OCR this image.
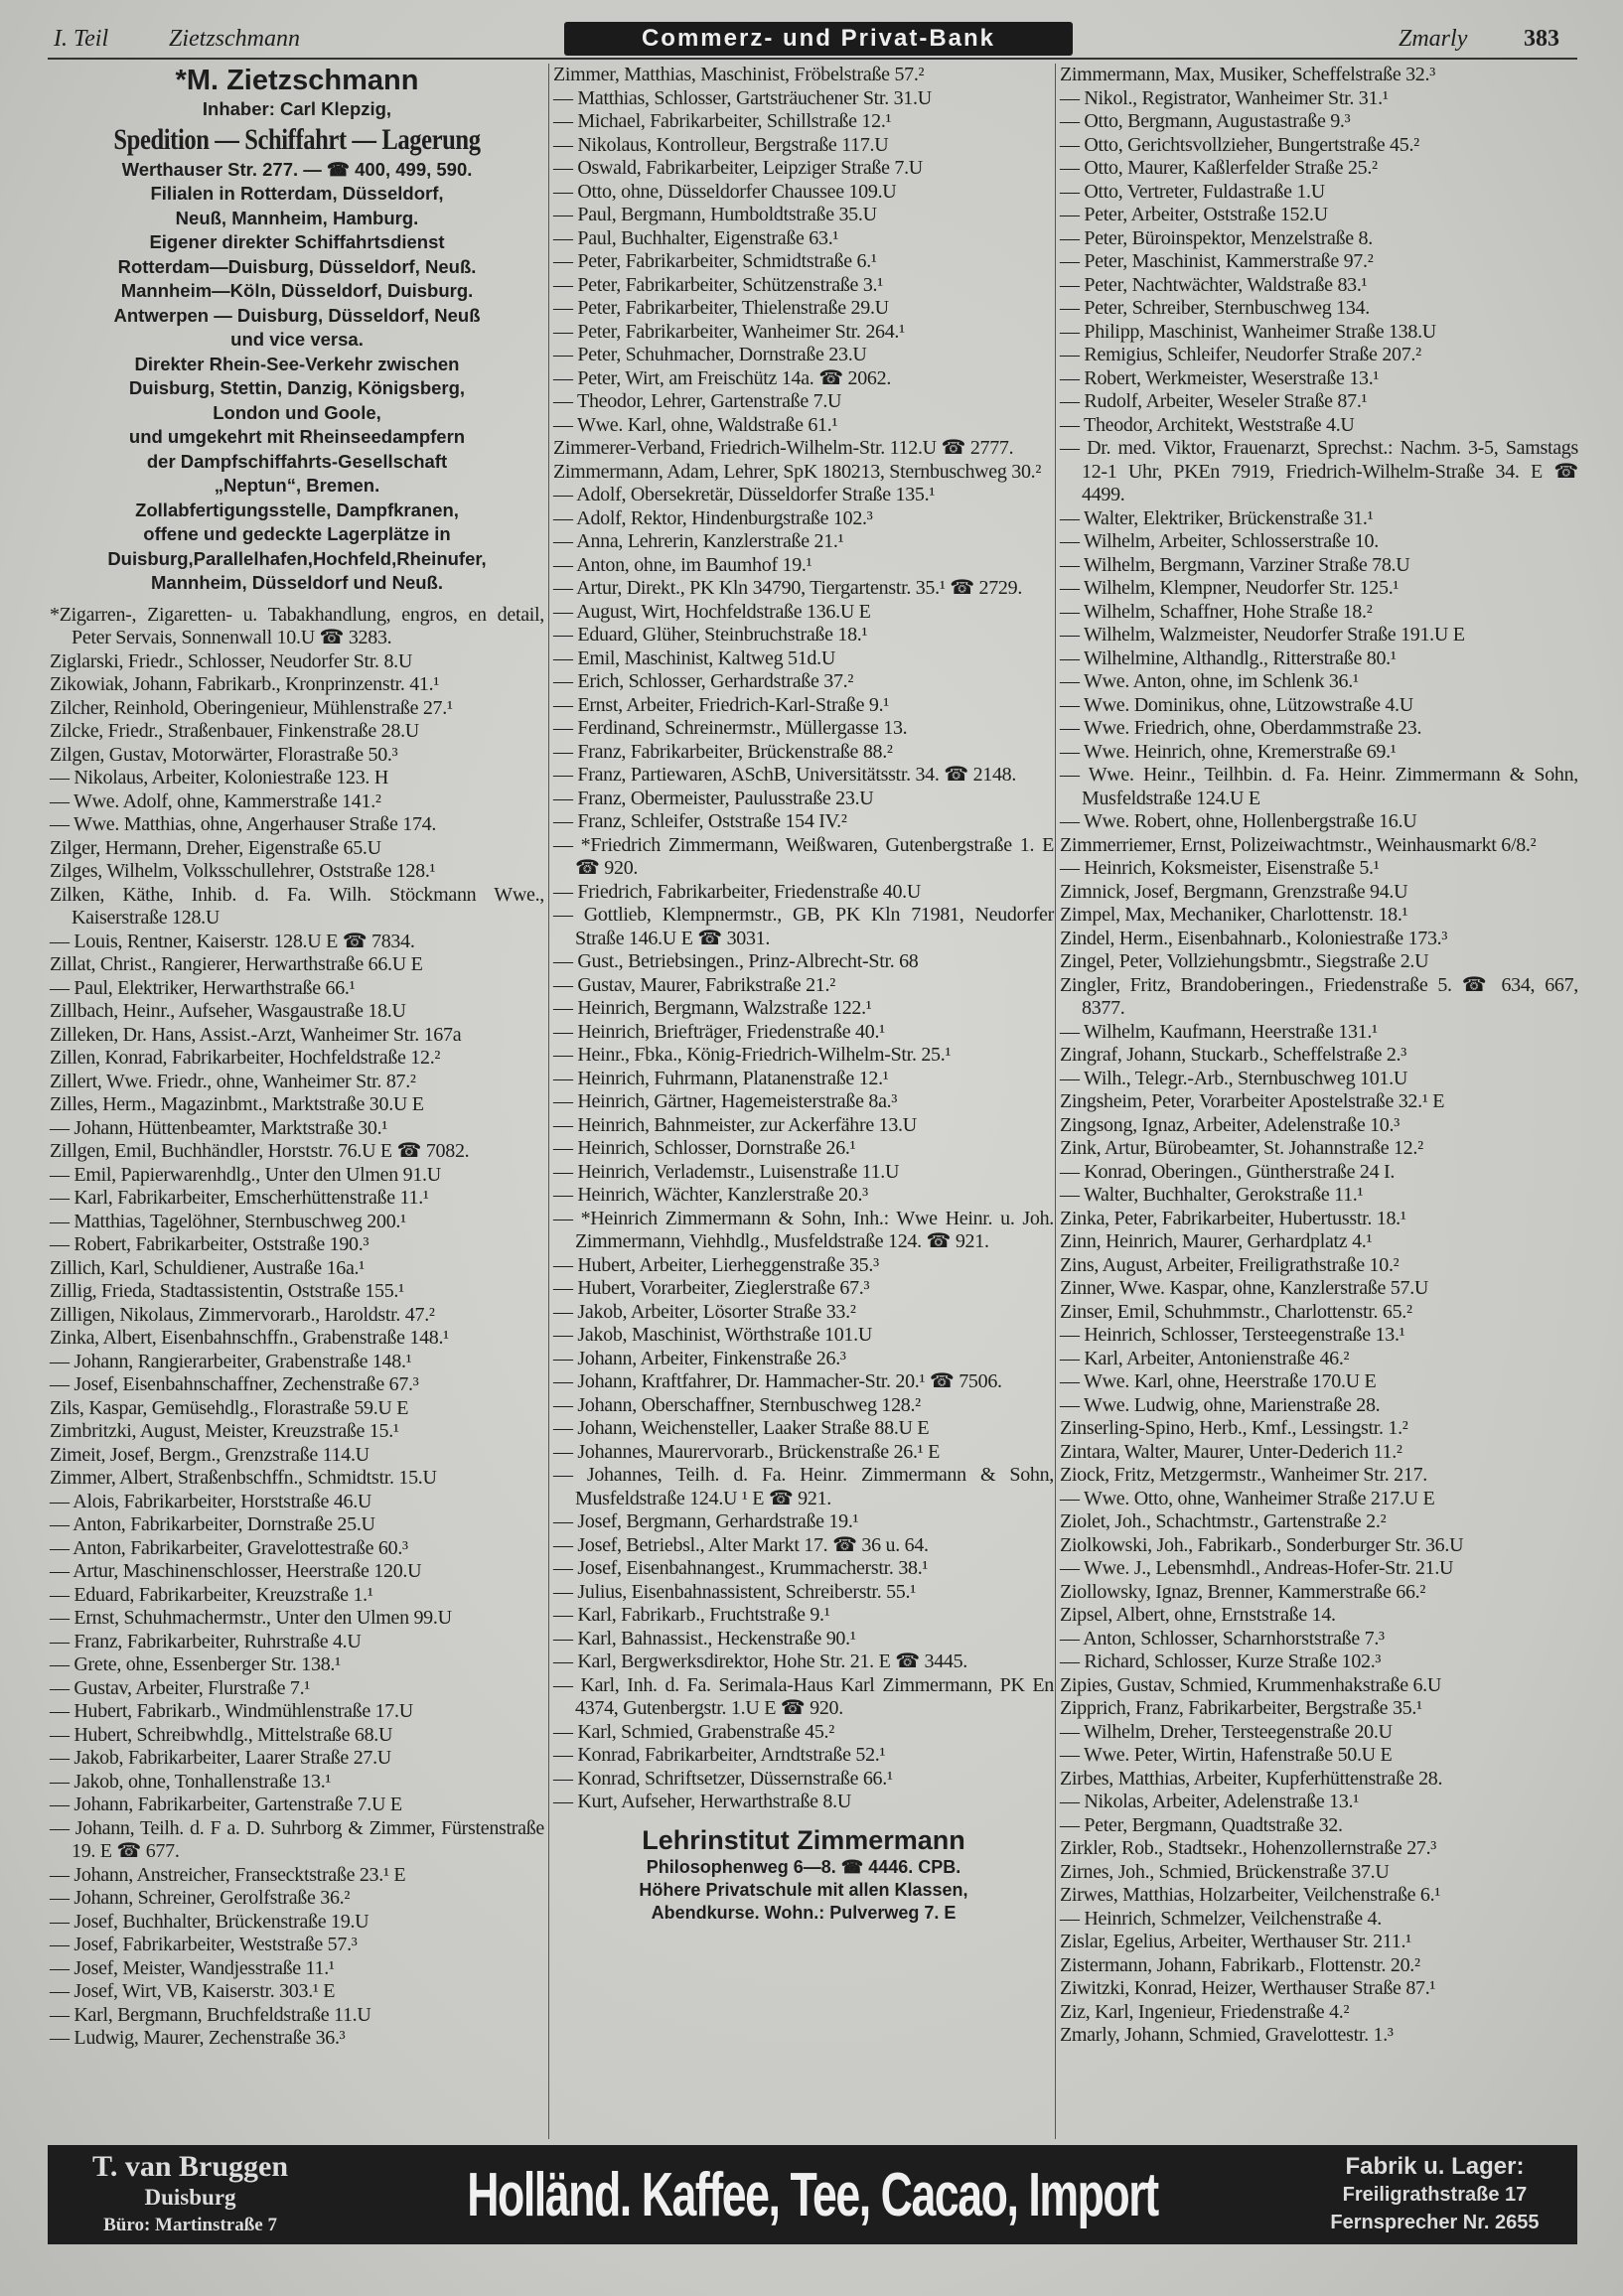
I. Teil	Zietzschmann	Commerz- und Privat-Bank	Zmarly 383
*M. Zietzschmann
Inhaber: Carl Klepzig,
Spedition — Schiffahrt — Lagerung
Werthauser Str. 277. — ☎ 400, 499, 590.
Filialen in Rotterdam, Düsseldorf,
Neuß, Mannheim, Hamburg.
Eigener direkter Schiffahrtsdienst
Rotterdam—Duisburg, Düsseldorf, Neuß.
Mannheim—Köln, Düsseldorf, Duisburg.
Antwerpen — Duisburg, Düsseldorf, Neuß
und vice versa.
Direkter Rhein-See-Verkehr zwischen
Duisburg, Stettin, Danzig, Königsberg,
London und Goole,
und umgekehrt mit Rheinseedampfern
der Dampfschiffahrts-Gesellschaft
„Neptun“, Bremen.
Zollabfertigungsstelle, Dampfkranen,
offene und gedeckte Lagerplätze in
Duisburg,Parallelhafen,Hochfeld,Rheinufer,
Mannheim, Düsseldorf und Neuß.
*Zigarren-, Zigaretten- u. Tabakhandlung, engros, en detail, Peter Servais, Sonnenwall 10.U ☎ 3283.
Ziglarski, Friedr., Schlosser, Neudorfer Str. 8.U
Zikowiak, Johann, Fabrikarb., Kronprinzenstr. 41.¹
Zilcher, Reinhold, Oberingenieur, Mühlenstraße 27.¹
Zilcke, Friedr., Straßenbauer, Finkenstraße 28.U
Zilgen, Gustav, Motorwärter, Florastraße 50.³
— Nikolaus, Arbeiter, Koloniestraße 123. H
— Wwe. Adolf, ohne, Kammerstraße 141.²
— Wwe. Matthias, ohne, Angerhauser Straße 174.
Zilger, Hermann, Dreher, Eigenstraße 65.U
Zilges, Wilhelm, Volksschullehrer, Oststraße 128.¹
Zilken, Käthe, Inhib. d. Fa. Wilh. Stöckmann Wwe., Kaiserstraße 128.U
— Louis, Rentner, Kaiserstr. 128.U E ☎ 7834.
Zillat, Christ., Rangierer, Herwarthstraße 66.U E
— Paul, Elektriker, Herwarthstraße 66.¹
Zillbach, Heinr., Aufseher, Wasgaustraße 18.U
Zilleken, Dr. Hans, Assist.-Arzt, Wanheimer Str. 167a
Zillen, Konrad, Fabrikarbeiter, Hochfeldstraße 12.²
Zillert, Wwe. Friedr., ohne, Wanheimer Str. 87.²
Zilles, Herm., Magazinbmt., Marktstraße 30.U E
— Johann, Hüttenbeamter, Marktstraße 30.¹
Zillgen, Emil, Buchhändler, Horststr. 76.U E ☎ 7082.
— Emil, Papierwarenhdlg., Unter den Ulmen 91.U
— Karl, Fabrikarbeiter, Emscherhüttenstraße 11.¹
— Matthias, Tagelöhner, Sternbuschweg 200.¹
— Robert, Fabrikarbeiter, Oststraße 190.³
Zillich, Karl, Schuldiener, Austraße 16a.¹
Zillig, Frieda, Stadtassistentin, Oststraße 155.¹
Zilligen, Nikolaus, Zimmervorarb., Haroldstr. 47.²
Zinka, Albert, Eisenbahnschffn., Grabenstraße 148.¹
— Johann, Rangierarbeiter, Grabenstraße 148.¹
— Josef, Eisenbahnschaffner, Zechenstraße 67.³
Zils, Kaspar, Gemüsehdlg., Florastraße 59.U E
Zimbritzki, August, Meister, Kreuzstraße 15.¹
Zimeit, Josef, Bergm., Grenzstraße 114.U
Zimmer, Albert, Straßenbschffn., Schmidtstr. 15.U
— Alois, Fabrikarbeiter, Horststraße 46.U
— Anton, Fabrikarbeiter, Dornstraße 25.U
— Anton, Fabrikarbeiter, Gravelottestraße 60.³
— Artur, Maschinenschlosser, Heerstraße 120.U
— Eduard, Fabrikarbeiter, Kreuzstraße 1.¹
— Ernst, Schuhmachermstr., Unter den Ulmen 99.U
— Franz, Fabrikarbeiter, Ruhrstraße 4.U
— Grete, ohne, Essenberger Str. 138.¹
— Gustav, Arbeiter, Flurstraße 7.¹
— Hubert, Fabrikarb., Windmühlenstraße 17.U
— Hubert, Schreibwhdlg., Mittelstraße 68.U
— Jakob, Fabrikarbeiter, Laarer Straße 27.U
— Jakob, ohne, Tonhallenstraße 13.¹
— Johann, Fabrikarbeiter, Gartenstraße 7.U E
— Johann, Teilh. d. F a. D. Suhrborg & Zimmer, Fürstenstraße 19. E ☎ 677.
— Johann, Anstreicher, Fransecktstraße 23.¹ E
— Johann, Schreiner, Gerolfstraße 36.²
— Josef, Buchhalter, Brückenstraße 19.U
— Josef, Fabrikarbeiter, Weststraße 57.³
— Josef, Meister, Wandjesstraße 11.¹
— Josef, Wirt, VB, Kaiserstr. 303.¹ E
— Karl, Bergmann, Bruchfeldstraße 11.U
— Ludwig, Maurer, Zechenstraße 36.³
Zimmer, Matthias, Maschinist, Fröbelstraße 57.²
— Matthias, Schlosser, Gartsträuchener Str. 31.U
— Michael, Fabrikarbeiter, Schillstraße 12.¹
— Nikolaus, Kontrolleur, Bergstraße 117.U
— Oswald, Fabrikarbeiter, Leipziger Straße 7.U
— Otto, ohne, Düsseldorfer Chaussee 109.U
— Paul, Bergmann, Humboldtstraße 35.U
— Paul, Buchhalter, Eigenstraße 63.¹
— Peter, Fabrikarbeiter, Schmidtstraße 6.¹
— Peter, Fabrikarbeiter, Schützenstraße 3.¹
— Peter, Fabrikarbeiter, Thielenstraße 29.U
— Peter, Fabrikarbeiter, Wanheimer Str. 264.¹
— Peter, Schuhmacher, Dornstraße 23.U
— Peter, Wirt, am Freischütz 14a. ☎ 2062.
— Theodor, Lehrer, Gartenstraße 7.U
— Wwe. Karl, ohne, Waldstraße 61.¹
Zimmerer-Verband, Friedrich-Wilhelm-Str. 112.U ☎ 2777.
Zimmermann, Adam, Lehrer, SpK 180213, Sternbuschweg 30.²
— Adolf, Obersekretär, Düsseldorfer Straße 135.¹
— Adolf, Rektor, Hindenburgstraße 102.³
— Anna, Lehrerin, Kanzlerstraße 21.¹
— Anton, ohne, im Baumhof 19.¹
— Artur, Direkt., PK Kln 34790, Tiergartenstr. 35.¹ ☎ 2729.
— August, Wirt, Hochfeldstraße 136.U E
— Eduard, Glüher, Steinbruchstraße 18.¹
— Emil, Maschinist, Kaltweg 51d.U
— Erich, Schlosser, Gerhardstraße 37.²
— Ernst, Arbeiter, Friedrich-Karl-Straße 9.¹
— Ferdinand, Schreinermstr., Müllergasse 13.
— Franz, Fabrikarbeiter, Brückenstraße 88.²
— Franz, Partiewaren, ASchB, Universitätsstr. 34. ☎ 2148.
— Franz, Obermeister, Paulusstraße 23.U
— Franz, Schleifer, Oststraße 154 IV.²
— *Friedrich Zimmermann, Weißwaren, Gutenbergstraße 1. E ☎ 920.
— Friedrich, Fabrikarbeiter, Friedenstraße 40.U
— Gottlieb, Klempnermstr., GB, PK Kln 71981, Neudorfer Straße 146.U E ☎ 3031.
— Gust., Betriebsingen., Prinz-Albrecht-Str. 68
— Gustav, Maurer, Fabrikstraße 21.²
— Heinrich, Bergmann, Walzstraße 122.¹
— Heinrich, Briefträger, Friedenstraße 40.¹
— Heinr., Fbka., König-Friedrich-Wilhelm-Str. 25.¹
— Heinrich, Fuhrmann, Platanenstraße 12.¹
— Heinrich, Gärtner, Hagemeisterstraße 8a.³
— Heinrich, Bahnmeister, zur Ackerfähre 13.U
— Heinrich, Schlosser, Dornstraße 26.¹
— Heinrich, Verlademstr., Luisenstraße 11.U
— Heinrich, Wächter, Kanzlerstraße 20.³
— *Heinrich Zimmermann & Sohn, Inh.: Wwe Heinr. u. Joh. Zimmermann, Viehhdlg., Musfeldstraße 124. ☎ 921.
— Hubert, Arbeiter, Lierheggenstraße 35.³
— Hubert, Vorarbeiter, Zieglerstraße 67.³
— Jakob, Arbeiter, Lösorter Straße 33.²
— Jakob, Maschinist, Wörthstraße 101.U
— Johann, Arbeiter, Finkenstraße 26.³
— Johann, Kraftfahrer, Dr. Hammacher-Str. 20.¹ ☎ 7506.
— Johann, Oberschaffner, Sternbuschweg 128.²
— Johann, Weichensteller, Laaker Straße 88.U E
— Johannes, Maurervorarb., Brückenstraße 26.¹ E
— Johannes, Teilh. d. Fa. Heinr. Zimmermann & Sohn, Musfeldstraße 124.U ¹ E ☎ 921.
— Josef, Bergmann, Gerhardstraße 19.¹
— Josef, Betriebsl., Alter Markt 17. ☎ 36 u. 64.
— Josef, Eisenbahnangest., Krummacherstr. 38.¹
— Julius, Eisenbahnassistent, Schreiberstr. 55.¹
— Karl, Fabrikarb., Fruchtstraße 9.¹
— Karl, Bahnassist., Heckenstraße 90.¹
— Karl, Bergwerksdirektor, Hohe Str. 21. E ☎ 3445.
— Karl, Inh. d. Fa. Serimala-Haus Karl Zimmermann, PK En 4374, Gutenbergstr. 1.U E ☎ 920.
— Karl, Schmied, Grabenstraße 45.²
— Konrad, Fabrikarbeiter, Arndtstraße 52.¹
— Konrad, Schriftsetzer, Düssernstraße 66.¹
— Kurt, Aufseher, Herwarthstraße 8.U
Lehrinstitut Zimmermann
Philosophenweg 6—8. ☎ 4446. CPB.
Höhere Privatschule mit allen Klassen,
Abendkurse. Wohn.: Pulverweg 7. E
Zimmermann, Max, Musiker, Scheffelstraße 32.³
— Nikol., Registrator, Wanheimer Str. 31.¹
— Otto, Bergmann, Augustastraße 9.³
— Otto, Gerichtsvollzieher, Bungertstraße 45.²
— Otto, Maurer, Kaßlerfelder Straße 25.²
— Otto, Vertreter, Fuldastraße 1.U
— Peter, Arbeiter, Oststraße 152.U
— Peter, Büroinspektor, Menzelstraße 8.
— Peter, Maschinist, Kammerstraße 97.²
— Peter, Nachtwächter, Waldstraße 83.¹
— Peter, Schreiber, Sternbuschweg 134.
— Philipp, Maschinist, Wanheimer Straße 138.U
— Remigius, Schleifer, Neudorfer Straße 207.²
— Robert, Werkmeister, Weserstraße 13.¹
— Rudolf, Arbeiter, Weseler Straße 87.¹
— Theodor, Architekt, Weststraße 4.U
— Dr. med. Viktor, Frauenarzt, Sprechst.: Nachm. 3-5, Samstags 12-1 Uhr, PKEn 7919, Friedrich-Wilhelm-Straße 34. E ☎ 4499.
— Walter, Elektriker, Brückenstraße 31.¹
— Wilhelm, Arbeiter, Schlosserstraße 10.
— Wilhelm, Bergmann, Varziner Straße 78.U
— Wilhelm, Klempner, Neudorfer Str. 125.¹
— Wilhelm, Schaffner, Hohe Straße 18.²
— Wilhelm, Walzmeister, Neudorfer Straße 191.U E
— Wilhelmine, Althandlg., Ritterstraße 80.¹
— Wwe. Anton, ohne, im Schlenk 36.¹
— Wwe. Dominikus, ohne, Lützowstraße 4.U
— Wwe. Friedrich, ohne, Oberdammstraße 23.
— Wwe. Heinrich, ohne, Kremerstraße 69.¹
— Wwe. Heinr., Teilhbin. d. Fa. Heinr. Zimmermann & Sohn, Musfeldstraße 124.U E
— Wwe. Robert, ohne, Hollenbergstraße 16.U
Zimmerriemer, Ernst, Polizeiwachtmstr., Weinhausmarkt 6/8.²
— Heinrich, Koksmeister, Eisenstraße 5.¹
Zimnick, Josef, Bergmann, Grenzstraße 94.U
Zimpel, Max, Mechaniker, Charlottenstr. 18.¹
Zindel, Herm., Eisenbahnarb., Koloniestraße 173.³
Zingel, Peter, Vollziehungsbmtr., Siegstraße 2.U
Zingler, Fritz, Brandoberingen., Friedenstraße 5. ☎ 634, 667, 8377.
— Wilhelm, Kaufmann, Heerstraße 131.¹
Zingraf, Johann, Stuckarb., Scheffelstraße 2.³
— Wilh., Telegr.-Arb., Sternbuschweg 101.U
Zingsheim, Peter, Vorarbeiter Apostelstraße 32.¹ E
Zingsong, Ignaz, Arbeiter, Adelenstraße 10.³
Zink, Artur, Bürobeamter, St. Johannstraße 12.²
— Konrad, Oberingen., Güntherstraße 24 I.
— Walter, Buchhalter, Gerokstraße 11.¹
Zinka, Peter, Fabrikarbeiter, Hubertusstr. 18.¹
Zinn, Heinrich, Maurer, Gerhardplatz 4.¹
Zins, August, Arbeiter, Freiligrathstraße 10.²
Zinner, Wwe. Kaspar, ohne, Kanzlerstraße 57.U
Zinser, Emil, Schuhmmstr., Charlottenstr. 65.²
— Heinrich, Schlosser, Tersteegenstraße 13.¹
— Karl, Arbeiter, Antonienstraße 46.²
— Wwe. Karl, ohne, Heerstraße 170.U E
— Wwe. Ludwig, ohne, Marienstraße 28.
Zinserling-Spino, Herb., Kmf., Lessingstr. 1.²
Zintara, Walter, Maurer, Unter-Dederich 11.²
Ziock, Fritz, Metzgermstr., Wanheimer Str. 217.
— Wwe. Otto, ohne, Wanheimer Straße 217.U E
Ziolet, Joh., Schachtmstr., Gartenstraße 2.²
Ziolkowski, Joh., Fabrikarb., Sonderburger Str. 36.U
— Wwe. J., Lebensmhdl., Andreas-Hofer-Str. 21.U
Ziollowsky, Ignaz, Brenner, Kammerstraße 66.²
Zipsel, Albert, ohne, Ernststraße 14.
— Anton, Schlosser, Scharnhorststraße 7.³
— Richard, Schlosser, Kurze Straße 102.³
Zipies, Gustav, Schmied, Krummenhakstraße 6.U
Zipprich, Franz, Fabrikarbeiter, Bergstraße 35.¹
— Wilhelm, Dreher, Tersteegenstraße 20.U
— Wwe. Peter, Wirtin, Hafenstraße 50.U E
Zirbes, Matthias, Arbeiter, Kupferhüttenstraße 28.
— Nikolas, Arbeiter, Adelenstraße 13.¹
— Peter, Bergmann, Quadtstraße 32.
Zirkler, Rob., Stadtsekr., Hohenzollernstraße 27.³
Zirnes, Joh., Schmied, Brückenstraße 37.U
Zirwes, Matthias, Holzarbeiter, Veilchenstraße 6.¹
— Heinrich, Schmelzer, Veilchenstraße 4.
Zislar, Egelius, Arbeiter, Werthauser Str. 211.¹
Zistermann, Johann, Fabrikarb., Flottenstr. 20.²
Ziwitzki, Konrad, Heizer, Werthauser Straße 87.¹
Ziz, Karl, Ingenieur, Friedenstraße 4.²
Zmarly, Johann, Schmied, Gravelottestr. 1.³
T. van Bruggen
Duisburg
Büro: Martinstraße 7	Holländ. Kaffee, Tee, Cacao, Import	Fabrik u. Lager:
Freiligrathstraße 17
Fernsprecher Nr. 2655
